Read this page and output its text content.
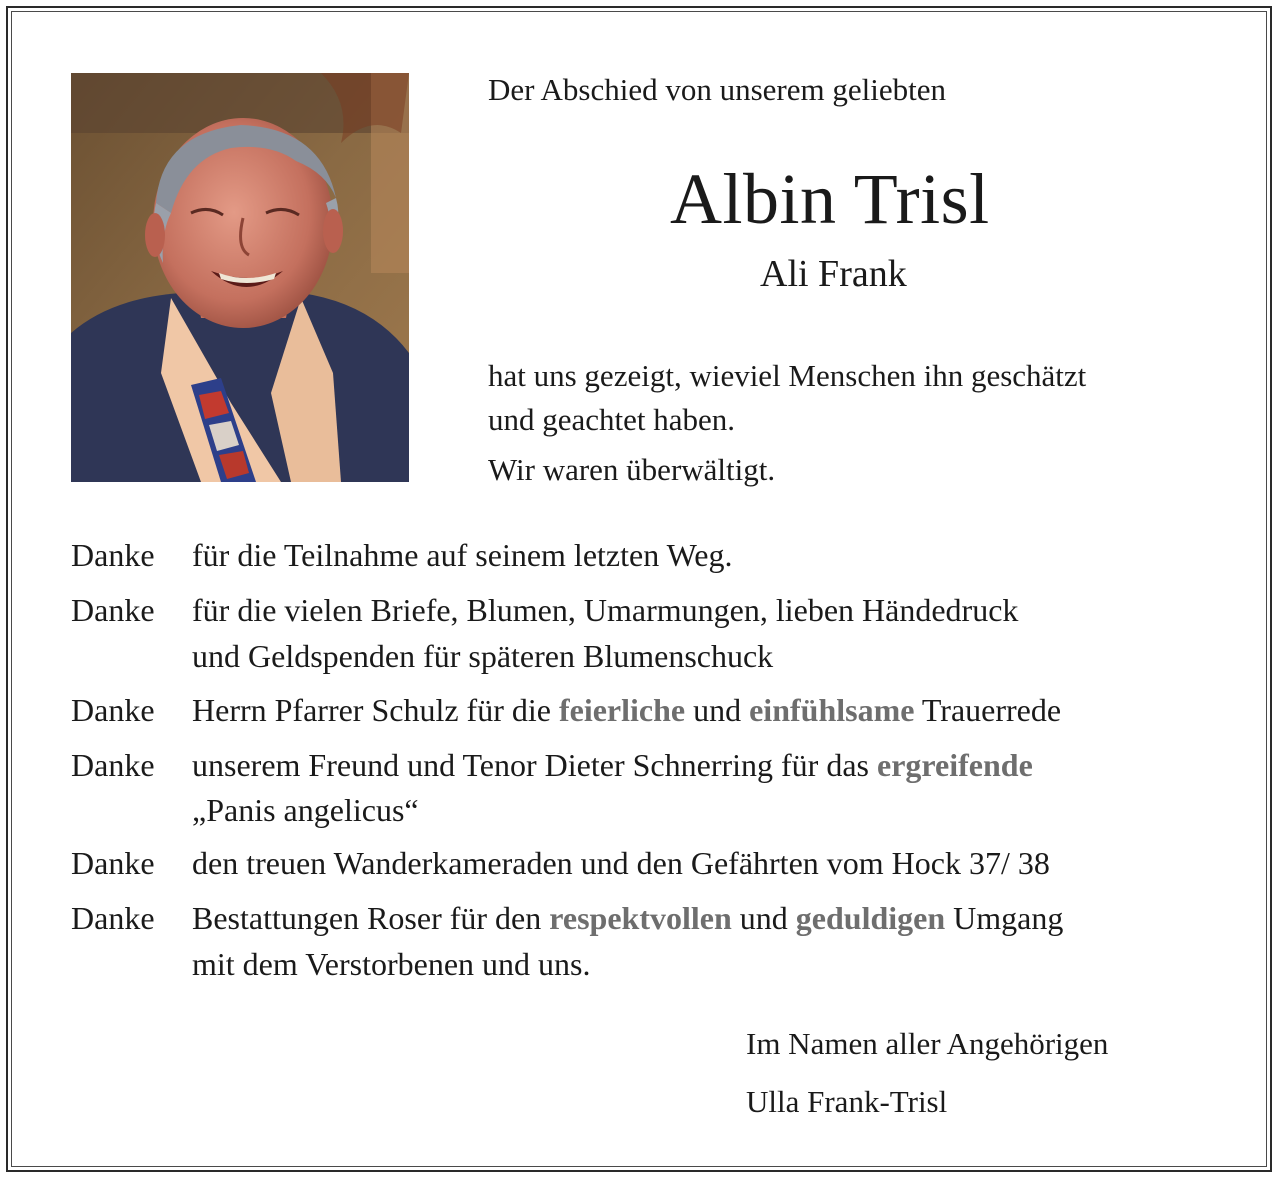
Der Abschied von unserem geliebten

Albin Trisl

Ali Frank

hat uns gezeigt, wieviel Menschen ihn geschätzt

und geachtet haben.

Wir waren überwältigt.

Danke für die Teilnahme auf seinem letzten Weg.

Danke für die vielen Briefe, Blumen, Umarmungen, lieben Händedruck

und Geldspenden für späteren Blumenschuck

Danke Herrn Pfarrer Schulz für die feierliche und einfühlsame Trauerrede

Danke unserem Freund und Tenor Dieter Schnerring für das ergreifende

„Panis angelicus“

Danke den treuen Wanderkameraden und den Gefährten vom Hock 37/ 38

Danke Bestattungen Roser für den respektvollen und geduldigen Umgang

mit dem Verstorbenen und uns.

Im Namen aller Angehörigen

Ulla Frank-Trisl
